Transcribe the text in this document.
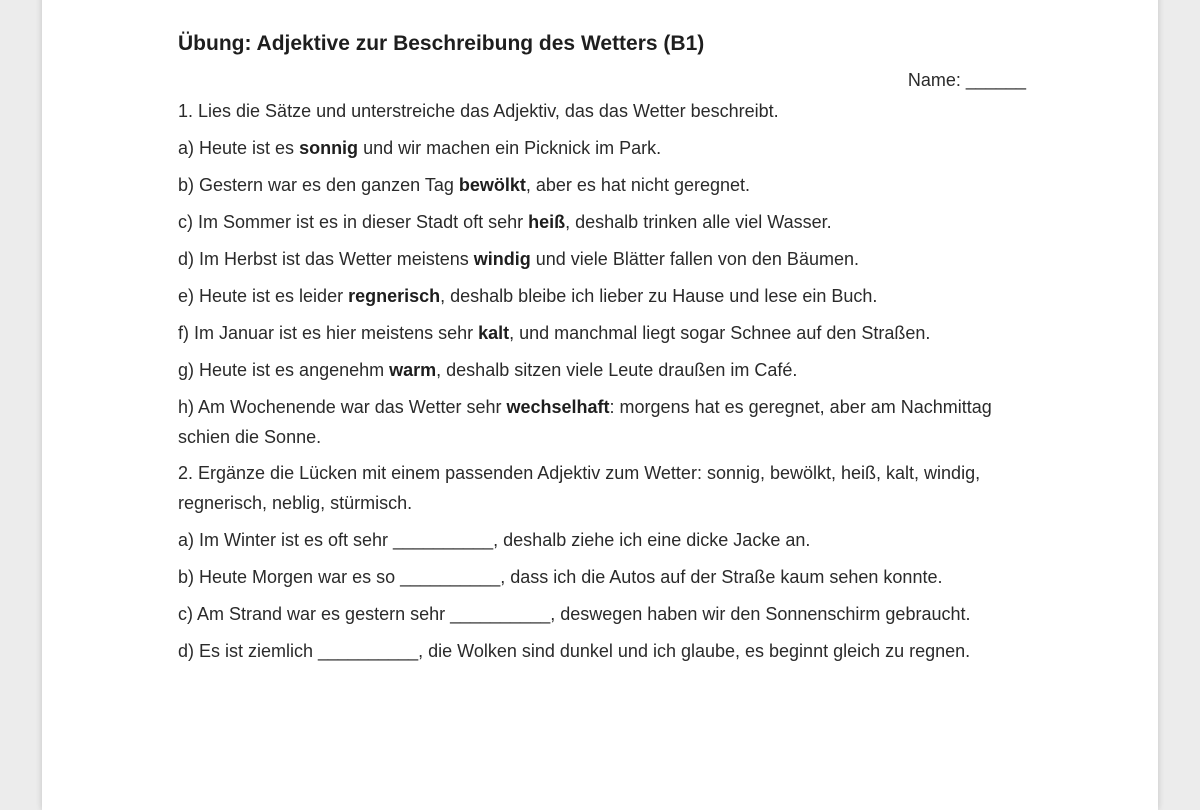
Übung: Adjektive zur Beschreibung des Wetters (B1)
Name: ______
1. Lies die Sätze und unterstreiche das Adjektiv, das das Wetter beschreibt.
a) Heute ist es sonnig und wir machen ein Picknick im Park.
b) Gestern war es den ganzen Tag bewölkt, aber es hat nicht geregnet.
c) Im Sommer ist es in dieser Stadt oft sehr heiß, deshalb trinken alle viel Wasser.
d) Im Herbst ist das Wetter meistens windig und viele Blätter fallen von den Bäumen.
e) Heute ist es leider regnerisch, deshalb bleibe ich lieber zu Hause und lese ein Buch.
f) Im Januar ist es hier meistens sehr kalt, und manchmal liegt sogar Schnee auf den Straßen.
g) Heute ist es angenehm warm, deshalb sitzen viele Leute draußen im Café.
h) Am Wochenende war das Wetter sehr wechselhaft: morgens hat es geregnet, aber am Nachmittag schien die Sonne.
2. Ergänze die Lücken mit einem passenden Adjektiv zum Wetter: sonnig, bewölkt, heiß, kalt, windig, regnerisch, neblig, stürmisch.
a) Im Winter ist es oft sehr __________, deshalb ziehe ich eine dicke Jacke an.
b) Heute Morgen war es so __________, dass ich die Autos auf der Straße kaum sehen konnte.
c) Am Strand war es gestern sehr __________, deswegen haben wir den Sonnenschirm gebraucht.
d) Es ist ziemlich __________, die Wolken sind dunkel und ich glaube, es beginnt gleich zu regnen.
